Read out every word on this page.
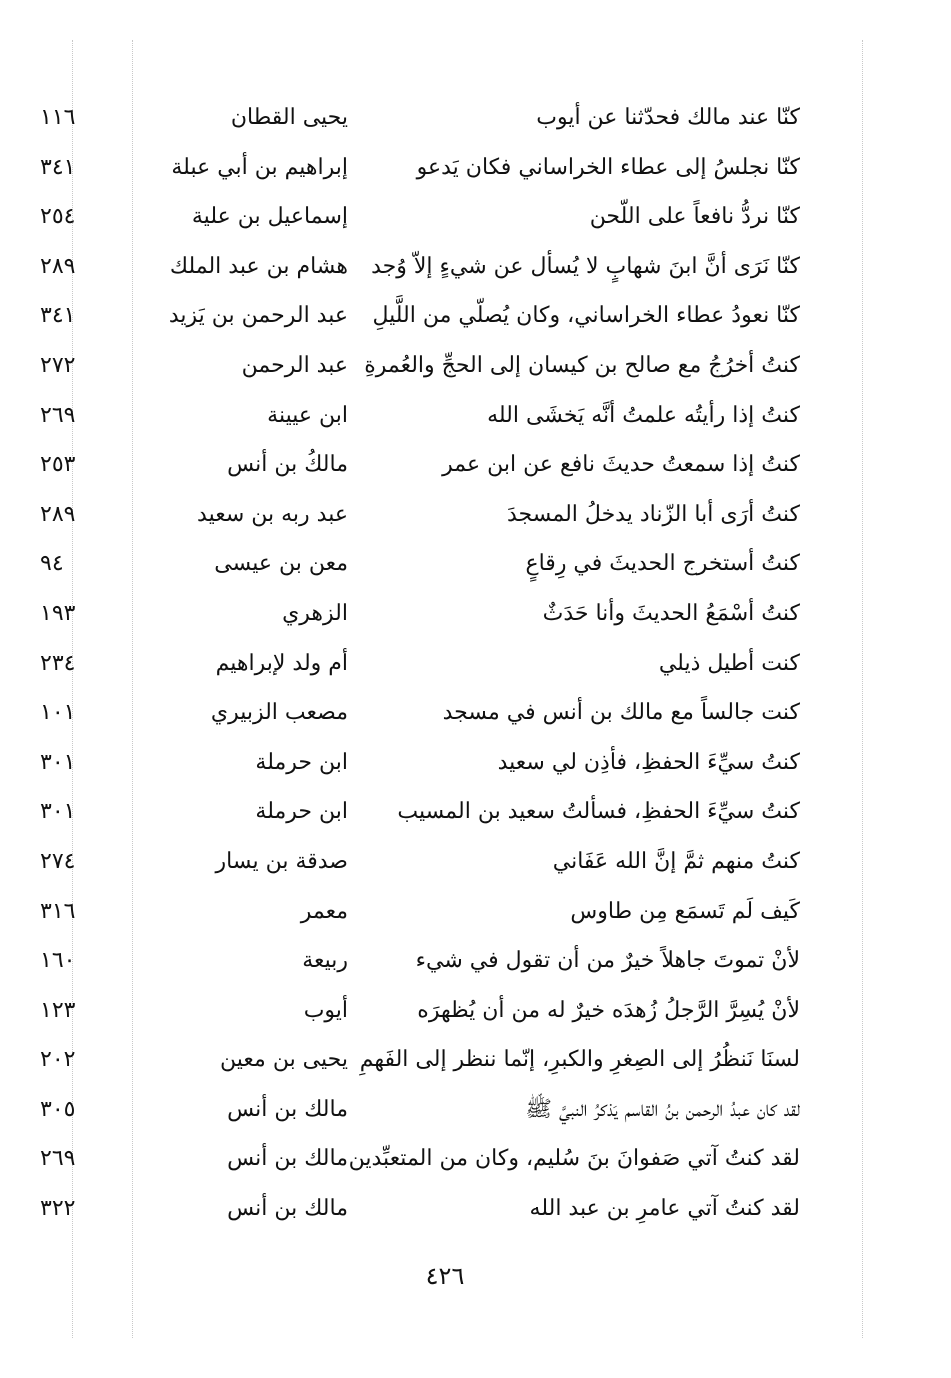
كنّا عند مالك فحدّثنا عن أيوب
يحيى القطان
١١٦
كنّا نجلسُ إلى عطاء الخراساني فكان يَدعو
إبراهيم بن أبي عبلة
٣٤١
كنّا نردُّ نافعاً على اللّحن
إسماعيل بن علية
٢٥٤
كنّا نَرَى أنَّ ابنَ شهابٍ لا يُسأل عن شيءٍ إلاّ وُجد
هشام بن عبد الملك
٢٨٩
كنّا نعودُ عطاء الخراساني، وكان يُصلّي من اللَّيلِ
عبد الرحمن بن يَزيد
٣٤١
كنتُ أخرُجُ مع صالح بن كيسان إلى الحجِّ والعُمرةِ
عبد الرحمن
٢٧٢
كنتُ إذا رأيتُه علمتُ أنَّه يَخشَى الله
ابن عيينة
٢٦٩
كنتُ إذا سمعتُ حديثَ نافع عن ابن عمر
مالكُ بن أنس
٢٥٣
كنتُ أرَى أبا الزّناد يدخلُ المسجدَ
عبد ربه بن سعيد
٢٨٩
كنتُ أستخرج الحديثَ في رِقاعٍ
معن بن عيسى
٩٤
كنتُ أسْمَعُ الحديثَ وأنا حَدَثٌ
الزهري
١٩٣
كنت أطيل ذيلي
أم ولد لإبراهيم
٢٣٤
كنت جالساً مع مالك بن أنس في مسجد
مصعب الزبيري
١٠١
كنتُ سيِّءَ الحفظِ، فأذِن لي سعيد
ابن حرملة
٣٠١
كنتُ سيِّءَ الحفظِ، فسألتُ سعيد بن المسيب
ابن حرملة
٣٠١
كنتُ منهم ثمَّ إنَّ الله عَفَاني
صدقة بن يسار
٢٧٤
كَيف لَم تَسمَع مِن طاوس
معمر
٣١٦
لأنْ تموتَ جاهلاً خيرٌ من أن تقول في شيء
ربيعة
١٦٠
لأنْ يُسِرَّ الرَّجلُ زُهدَه خيرٌ له من أن يُظهرَه
أيوب
١٢٣
لسنَا نَنظُرُ إلى الصِغرِ والكبرِ، إنّما ننظر إلى الفَهمِ
يحيى بن معين
٢٠٢
لقد كان عبدُ الرحمن بنُ القاسم يَذكرُ النبيَّ ﷺ
مالك بن أنس
٣٠٥
لقد كنتُ آتي صَفوانَ بنَ سُليم، وكان من المتعبِّدين
مالك بن أنس
٢٦٩
لقد كنتُ آتي عامرِ بن عبد الله
مالك بن أنس
٣٢٢
٤٢٦
